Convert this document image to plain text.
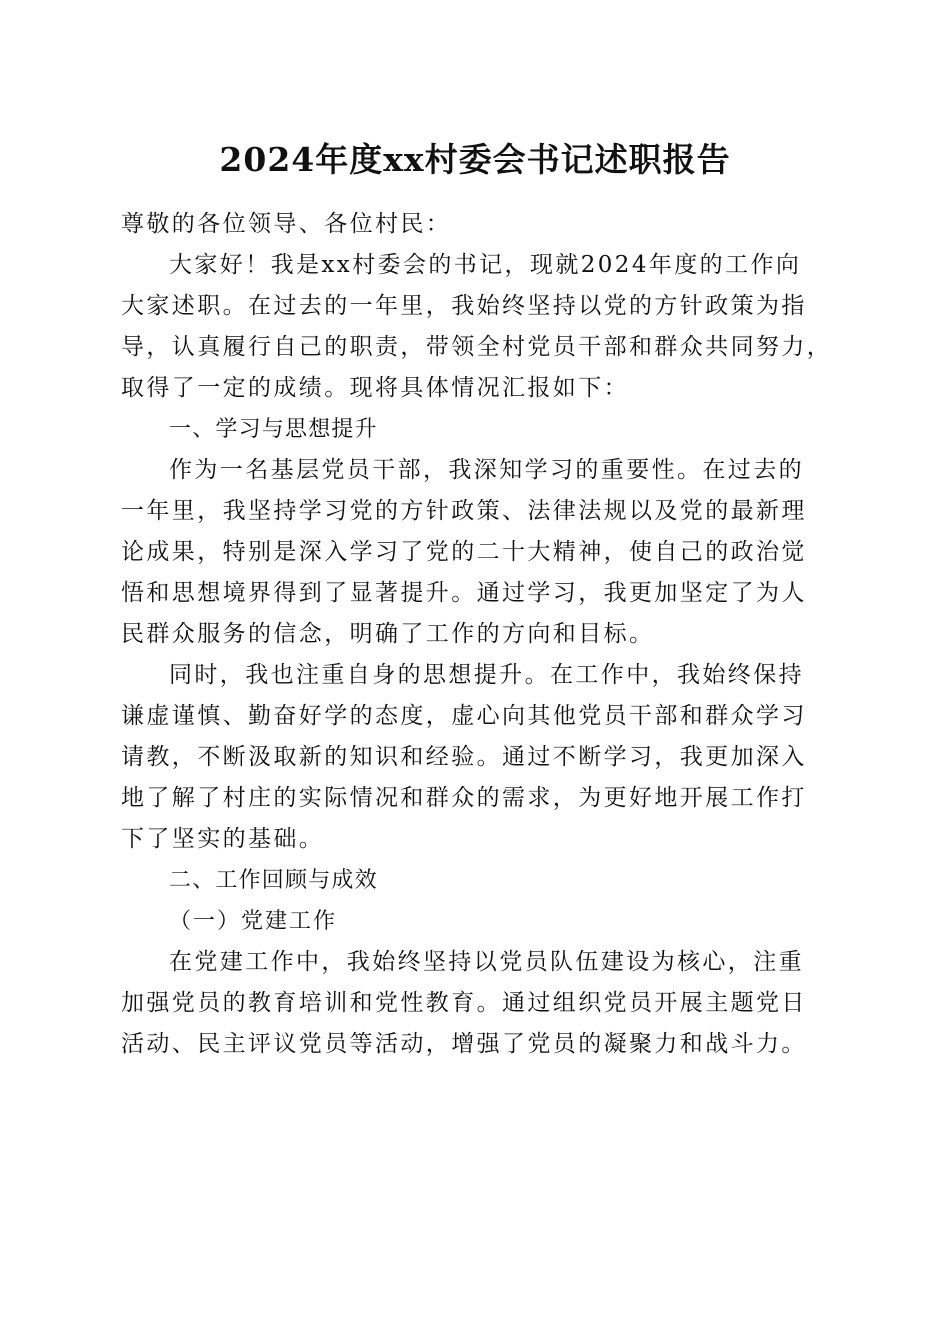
2024年度xx村委会书记述职报告

尊敬的各位领导、各位村民：

大家好！我是xx村委会的书记，现就2024年度的工作向
大家述职。在过去的一年里，我始终坚持以党的方针政策为指
导，认真履行自己的职责，带领全村党员干部和群众共同努力，
取得了一定的成绩。现将具体情况汇报如下：

一、学习与思想提升

作为一名基层党员干部，我深知学习的重要性。在过去的
一年里，我坚持学习党的方针政策、法律法规以及党的最新理
论成果，特别是深入学习了党的二十大精神，使自己的政治觉
悟和思想境界得到了显著提升。通过学习，我更加坚定了为人
民群众服务的信念，明确了工作的方向和目标。

同时，我也注重自身的思想提升。在工作中，我始终保持
谦虚谨慎、勤奋好学的态度，虚心向其他党员干部和群众学习
请教，不断汲取新的知识和经验。通过不断学习，我更加深入
地了解了村庄的实际情况和群众的需求，为更好地开展工作打
下了坚实的基础。

二、工作回顾与成效

（一）党建工作

在党建工作中，我始终坚持以党员队伍建设为核心，注重
加强党员的教育培训和党性教育。通过组织党员开展主题党日
活动、民主评议党员等活动，增强了党员的凝聚力和战斗力。
